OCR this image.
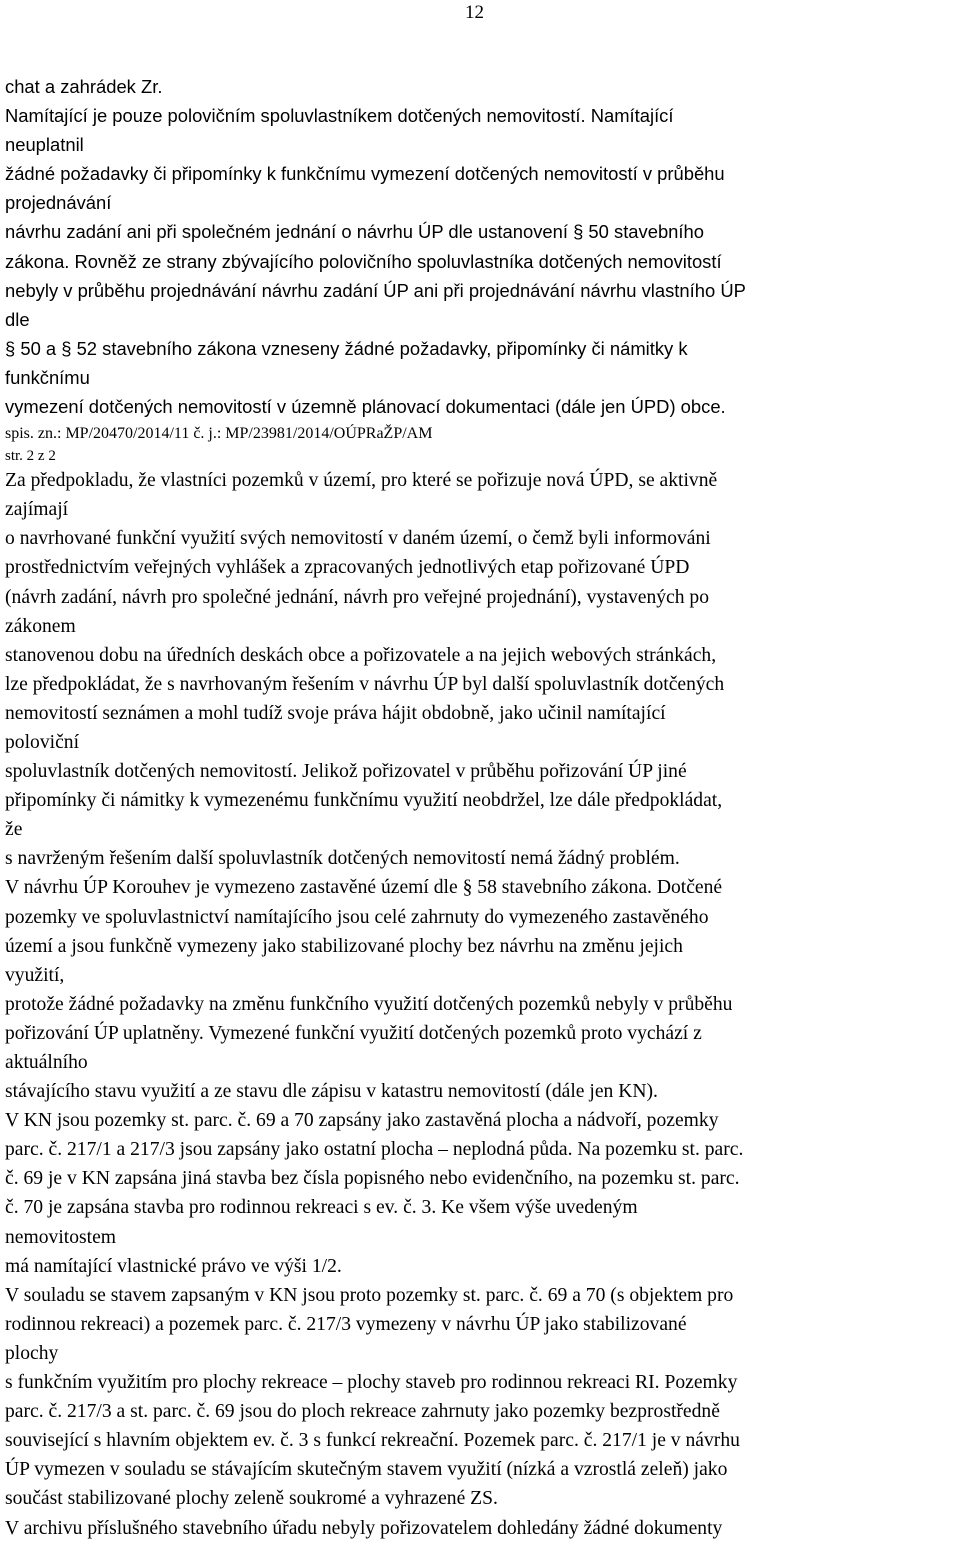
12
chat a zahrádek Zr.
Namítající je pouze polovičním spoluvlastníkem dotčených nemovitostí. Namítající
neuplatnil
žádné požadavky či připomínky k funkčnímu vymezení dotčených nemovitostí v průběhu
projednávání
návrhu zadání ani při společném jednání o návrhu ÚP dle ustanovení § 50 stavebního
zákona. Rovněž ze strany zbývajícího polovičního spoluvlastníka dotčených nemovitostí
nebyly v průběhu projednávání návrhu zadání ÚP ani při projednávání návrhu vlastního ÚP
dle
§ 50 a § 52 stavebního zákona vzneseny žádné požadavky, připomínky či námitky k
funkčnímu
vymezení dotčených nemovitostí v územně plánovací dokumentaci (dále jen ÚPD) obce.
spis. zn.: MP/20470/2014/11 č. j.: MP/23981/2014/OÚPRaŽP/AM
str. 2 z 2
Za předpokladu, že vlastníci pozemků v území, pro které se pořizuje nová ÚPD, se aktivně
zajímají
o navrhované funkční využití svých nemovitostí v daném území, o čemž byli informováni
prostřednictvím veřejných vyhlášek a zpracovaných jednotlivých etap pořizované ÚPD
(návrh zadání, návrh pro společné jednání, návrh pro veřejné projednání), vystavených po
zákonem
stanovenou dobu na úředních deskách obce a pořizovatele a na jejich webových stránkách,
lze předpokládat, že s navrhovaným řešením v návrhu ÚP byl další spoluvlastník dotčených
nemovitostí seznámen a mohl tudíž svoje práva hájit obdobně, jako učinil namítající
poloviční
spoluvlastník dotčených nemovitostí. Jelikož pořizovatel v průběhu pořizování ÚP jiné
připomínky či námitky k vymezenému funkčnímu využití neobdržel, lze dále předpokládat,
že
s navrženým řešením další spoluvlastník dotčených nemovitostí nemá žádný problém.
V návrhu ÚP Korouhev je vymezeno zastavěné území dle § 58 stavebního zákona. Dotčené
pozemky ve spoluvlastnictví namítajícího jsou celé zahrnuty do vymezeného zastavěného
území a jsou funkčně vymezeny jako stabilizované plochy bez návrhu na změnu jejich
využití,
protože žádné požadavky na změnu funkčního využití dotčených pozemků nebyly v průběhu
pořizování ÚP uplatněny. Vymezené funkční využití dotčených pozemků proto vychází z
aktuálního
stávajícího stavu využití a ze stavu dle zápisu v katastru nemovitostí (dále jen KN).
V KN jsou pozemky st. parc. č. 69 a 70 zapsány jako zastavěná plocha a nádvoří, pozemky
parc. č. 217/1 a 217/3 jsou zapsány jako ostatní plocha – neplodná půda. Na pozemku st. parc.
č. 69 je v KN zapsána jiná stavba bez čísla popisného nebo evidenčního, na pozemku st. parc.
č. 70 je zapsána stavba pro rodinnou rekreaci s ev. č. 3. Ke všem výše uvedeným
nemovitostem
má namítající vlastnické právo ve výši 1/2.
V souladu se stavem zapsaným v KN jsou proto pozemky st. parc. č. 69 a 70 (s objektem pro
rodinnou rekreaci) a pozemek parc. č. 217/3 vymezeny v návrhu ÚP jako stabilizované
plochy
s funkčním využitím pro plochy rekreace – plochy staveb pro rodinnou rekreaci RI. Pozemky
parc. č. 217/3 a st. parc. č. 69 jsou do ploch rekreace zahrnuty jako pozemky bezprostředně
související s hlavním objektem ev. č. 3 s funkcí rekreační. Pozemek parc. č. 217/1 je v návrhu
ÚP vymezen v souladu se stávajícím skutečným stavem využití (nízká a vzrostlá zeleň) jako
součást stabilizované plochy zeleně soukromé a vyhrazené ZS.
V archivu příslušného stavebního úřadu nebyly pořizovatelem dohledány žádné dokumenty
